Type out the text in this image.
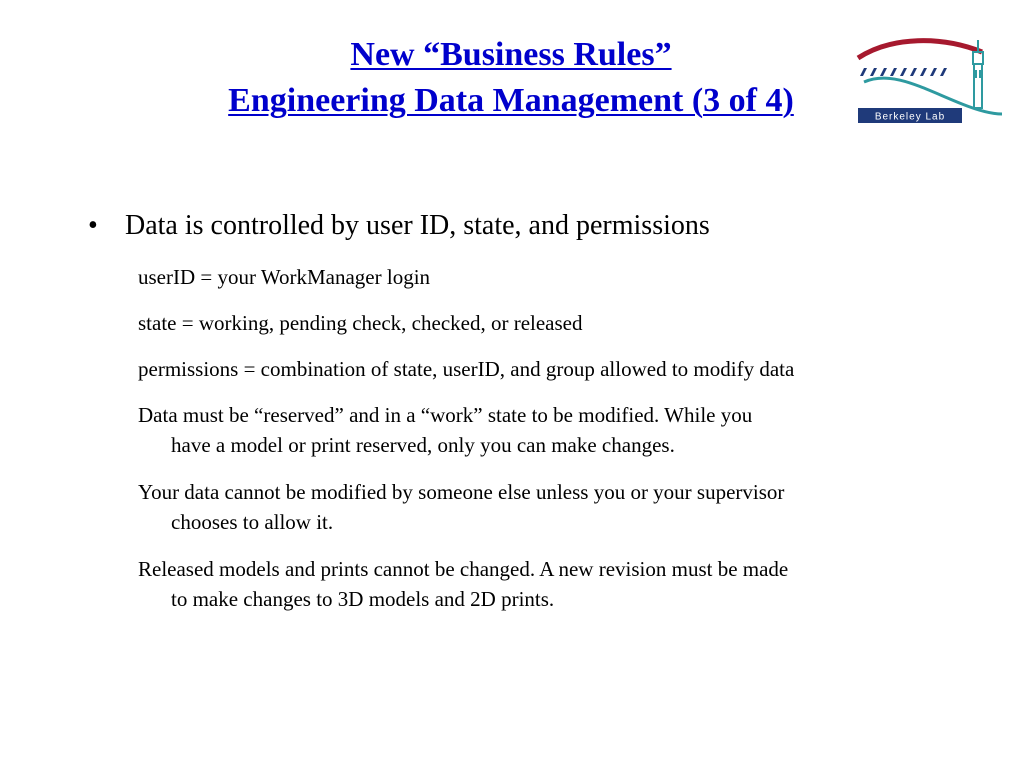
New “Business Rules”
Engineering Data Management (3 of 4)	Berkeley Lab
• Data is controlled by user ID, state, and permissions
userID = your WorkManager login
state = working, pending check, checked, or released
permissions = combination of state, userID, and group allowed to modify data
Data must be “reserved” and in a “work” state to be modified. While you
have a model or print reserved, only you can make changes.
Your data cannot be modified by someone else unless you or your supervisor
chooses to allow it.
Released models and prints cannot be changed. A new revision must be made
to make changes to 3D models and 2D prints.
